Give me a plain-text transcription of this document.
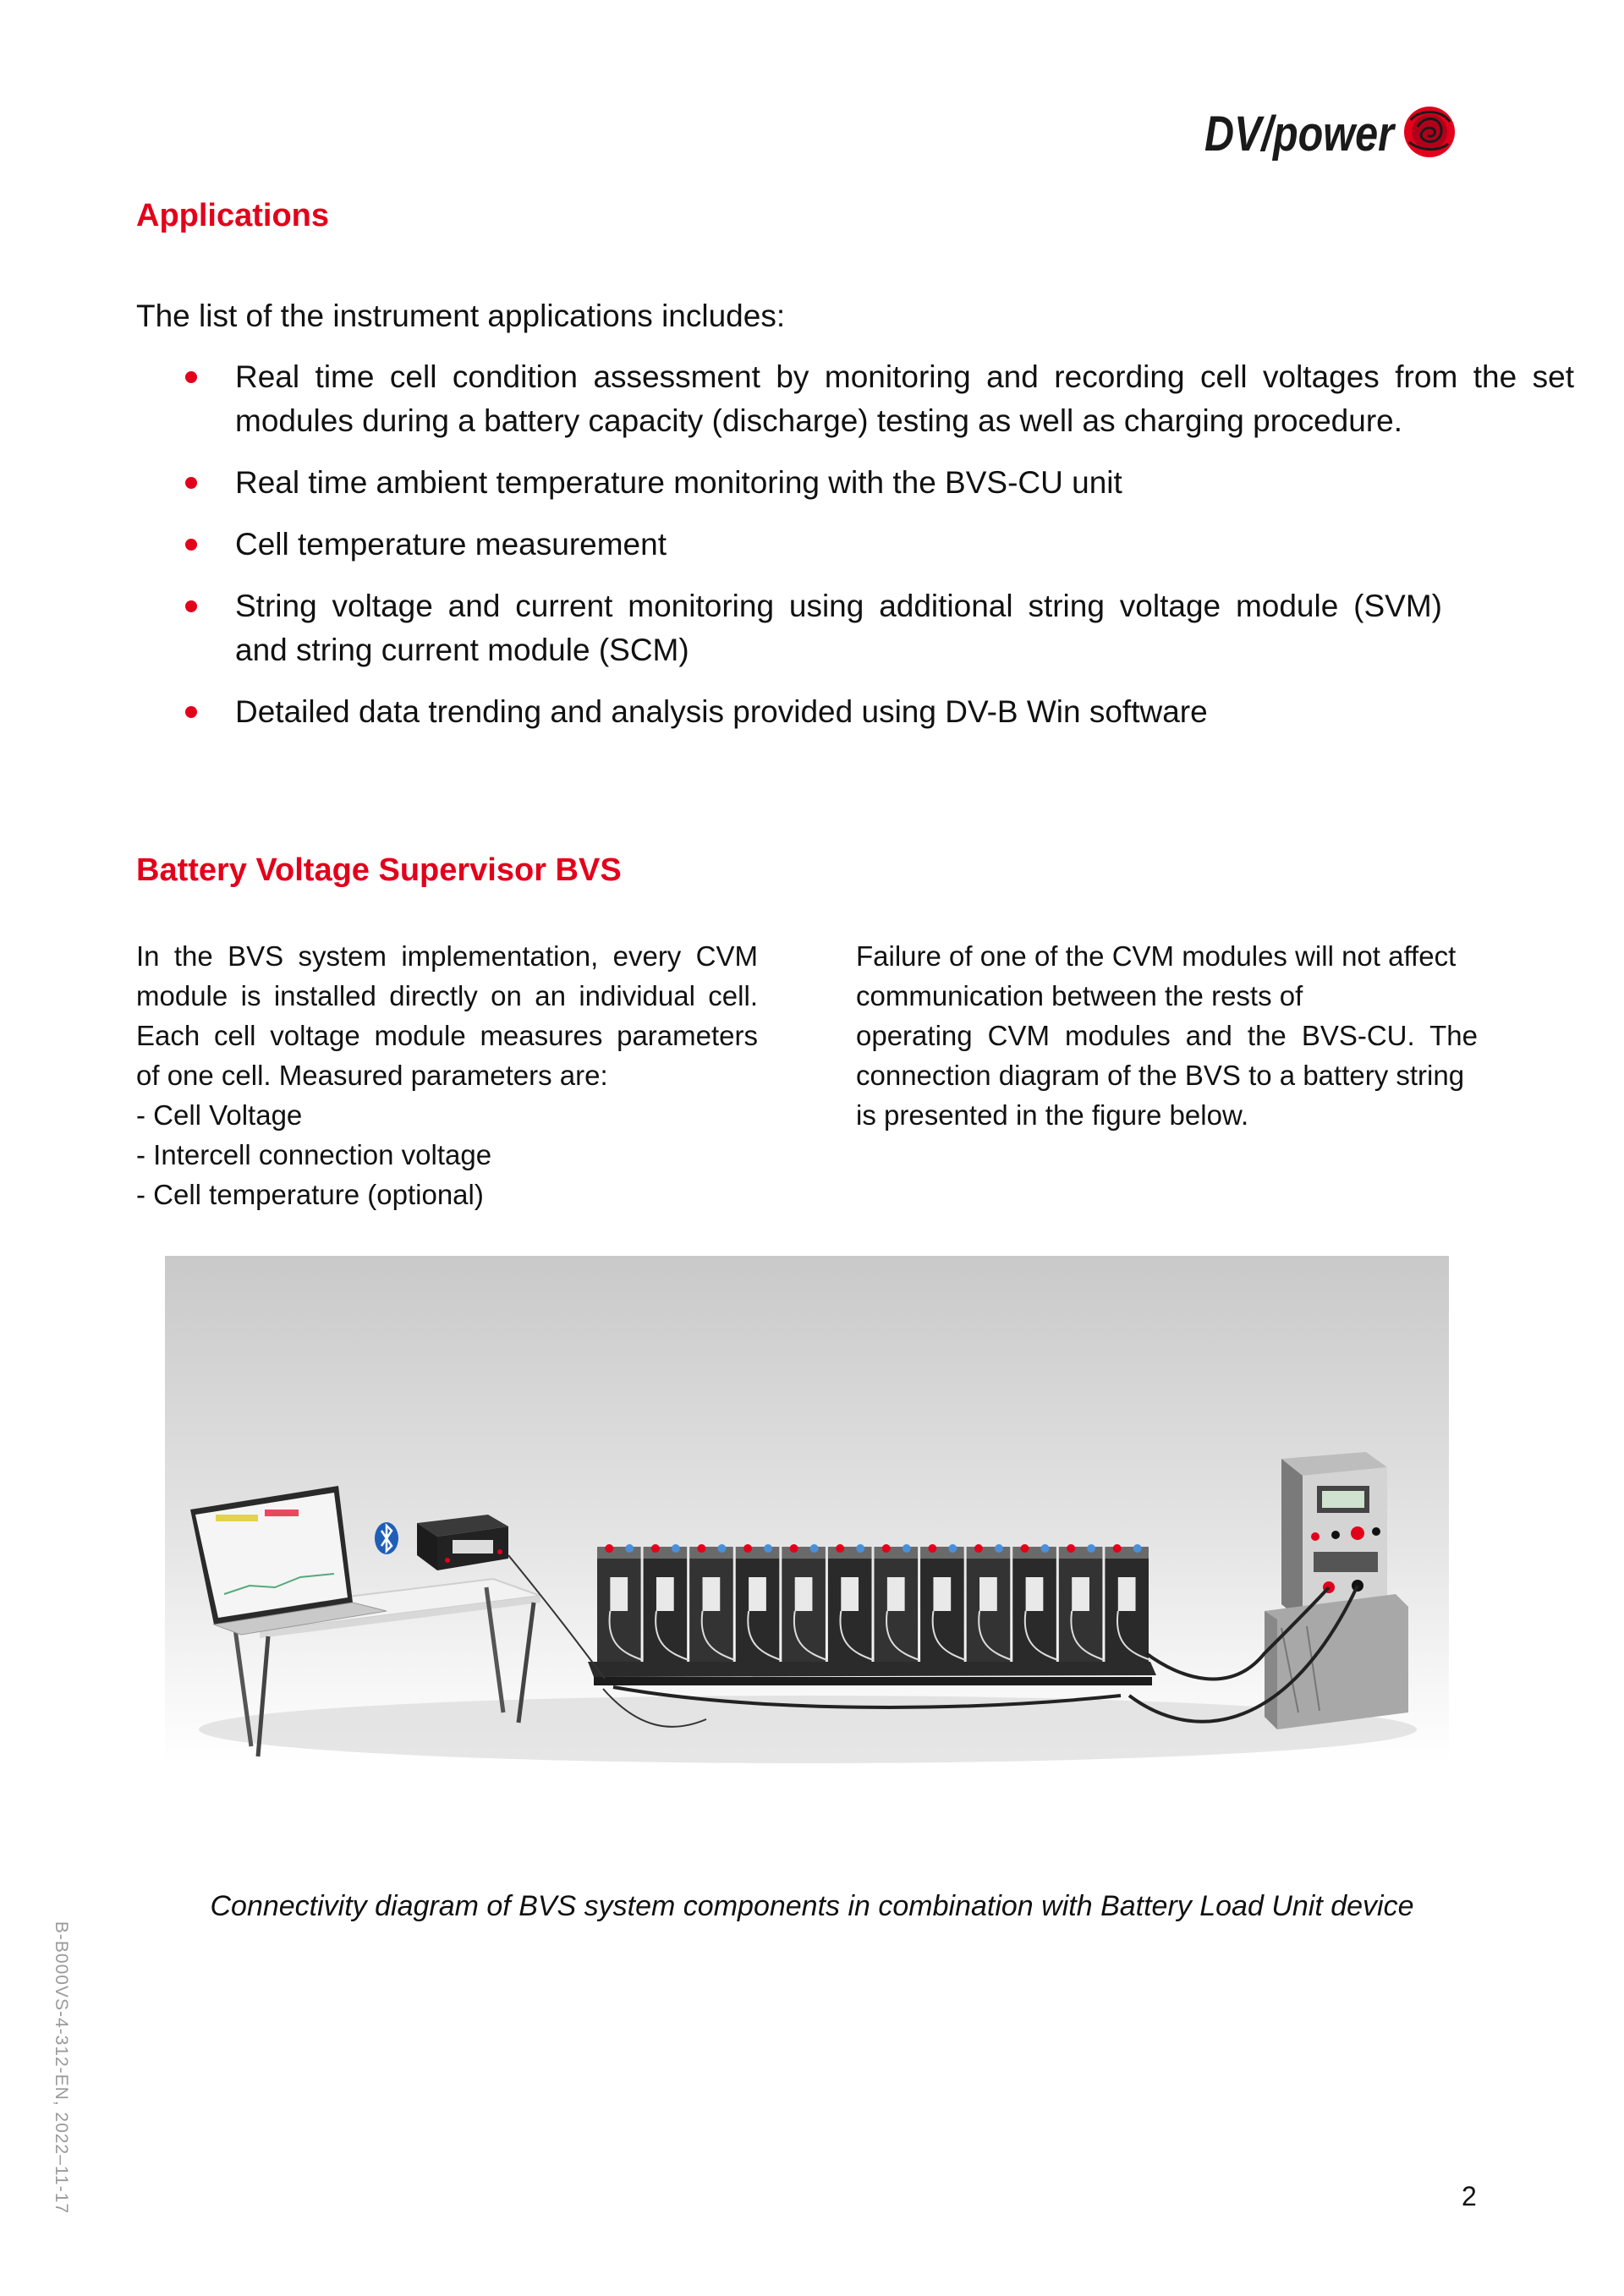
DV/power
Applications
The list of the instrument applications includes:
Real time cell condition assessment by monitoring and recording cell voltages from the set
modules during a battery capacity (discharge) testing as well as charging procedure.
Real time ambient temperature monitoring with the BVS-CU unit
Cell temperature measurement
String voltage and current monitoring using additional string voltage module (SVM)
and string current module (SCM)
Detailed data trending and analysis provided using DV-B Win software
Battery Voltage Supervisor BVS
In the BVS system implementation, every CVM
module is installed directly on an individual cell.
Each cell voltage module measures parameters
of one cell. Measured parameters are:
- Cell Voltage
- Intercell connection voltage
- Cell temperature (optional)
Failure of one of the CVM modules will not affect
communication between the rests of
operating CVM modules and the BVS-CU. The
connection diagram of the BVS to a battery string
is presented in the figure below.

Connectivity diagram of BVS system components in combination with Battery Load Unit device

B-B000VS-4-312-EN, 2022–11-17	2
